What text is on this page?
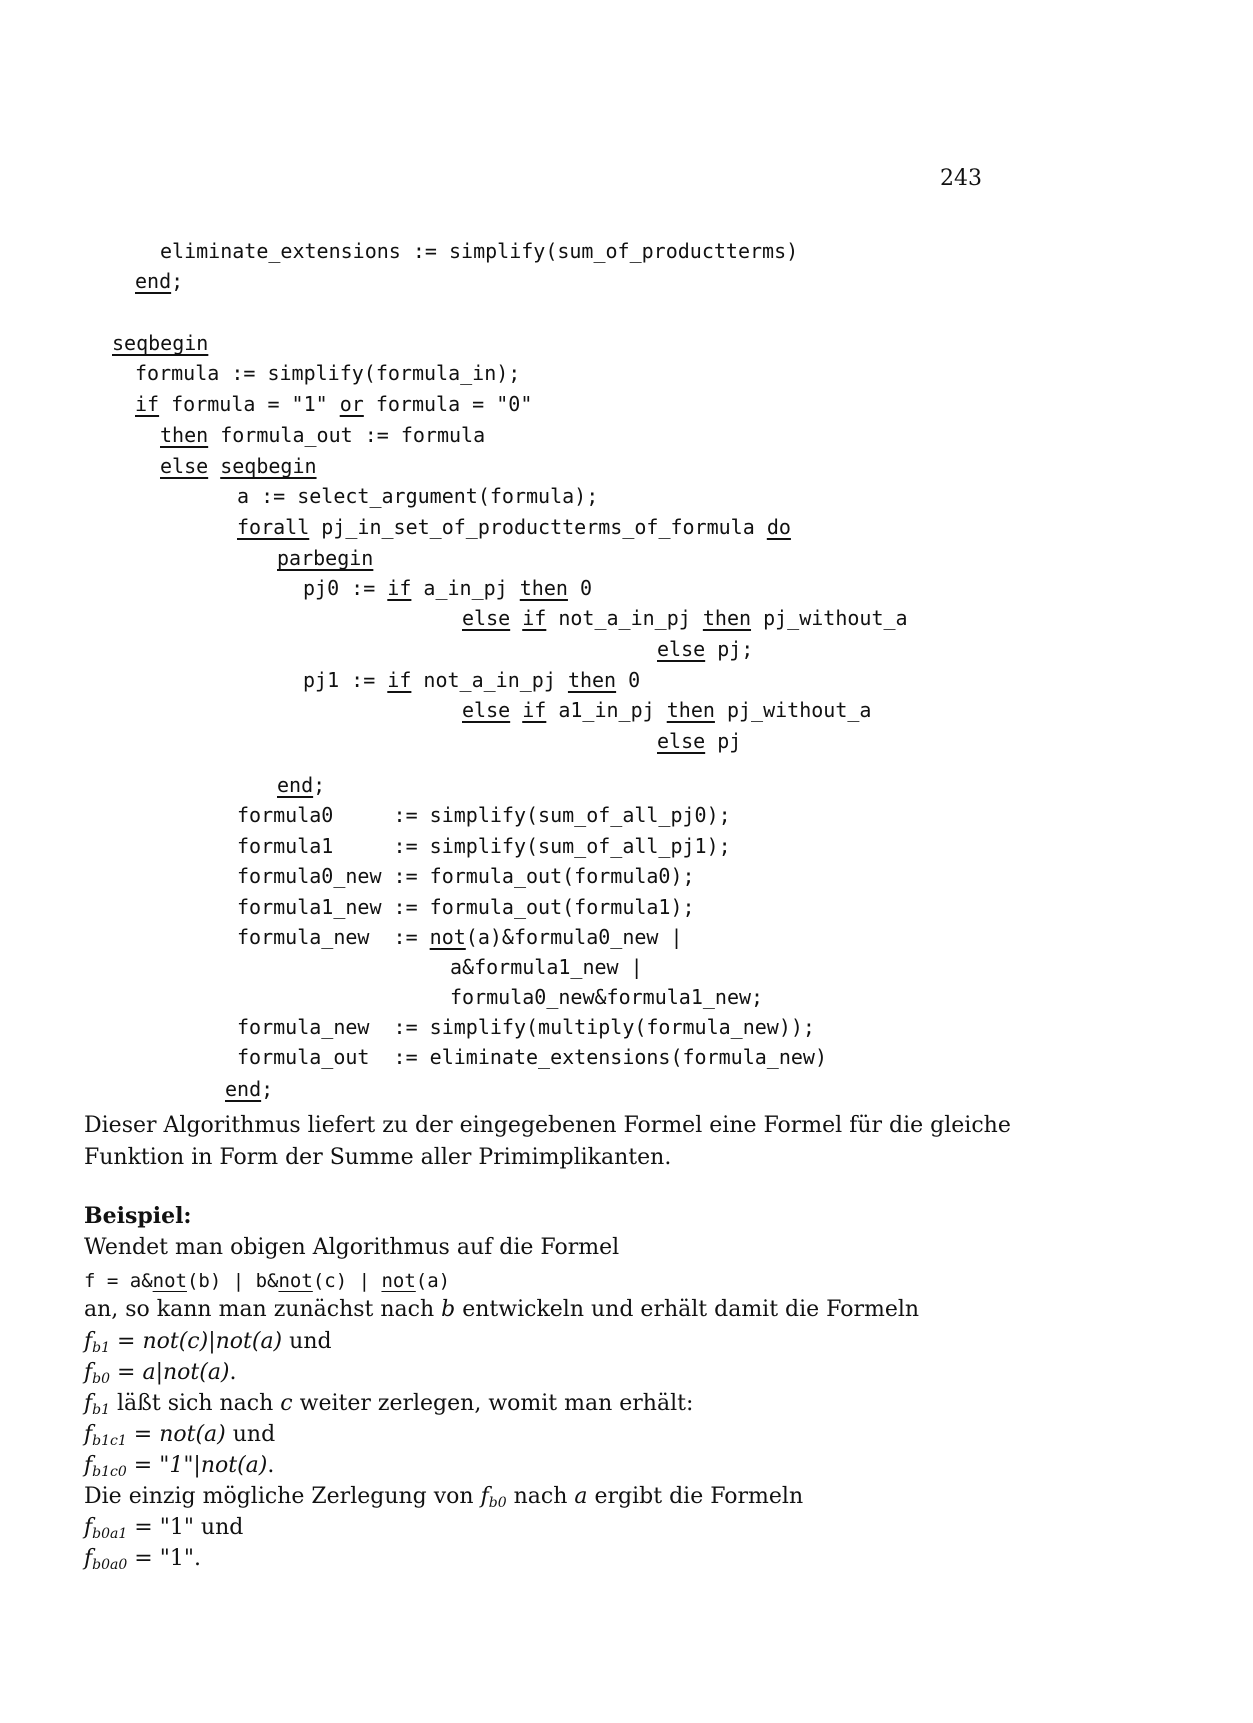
243

eliminate_extensions := simplify(sum_of_productterms)

end;

seqbegin

formula := simplify(formula_in);

if formula = "1" or formula = "0"

then formula_out := formula

else seqbegin

a := select_argument(formula);

forall pj_in_set_of_productterms_of_formula do

parbegin

pj0 := if a_in_pj then 0

else if not_a_in_pj then pj_without_a

else pj;

pj1 := if not_a_in_pj then 0

else if a1_in_pj then pj_without_a

else pj

end;

formula0     := simplify(sum_of_all_pj0);

formula1     := simplify(sum_of_all_pj1);

formula0_new := formula_out(formula0);

formula1_new := formula_out(formula1);

formula_new  := not(a)&formula0_new |

a&formula1_new |

formula0_new&formula1_new;

formula_new  := simplify(multiply(formula_new));

formula_out  := eliminate_extensions(formula_new)

end;

Dieser Algorithmus liefert zu der eingegebenen Formel eine Formel für die gleiche
Funktion in Form der Summe aller Primimplikanten.
Beispiel:
Wendet man obigen Algorithmus auf die Formel
f = a&not(b) | b&not(c) | not(a)
an, so kann man zunächst nach b entwickeln und erhält damit die Formeln
$f_{b1} = not(c)|not(a)$ und
$f_{b0} = a|not(a)$.
$f_{b1}$ läßt sich nach c weiter zerlegen, womit man erhält:
$f_{b1c1} = not(a)$ und
$f_{b1c0}$ = "1"|not(a).
Die einzig mögliche Zerlegung von $f_{b0}$ nach a ergibt die Formeln
$f_{b0a1}$ = "1" und
$f_{b0a0}$ = "1".
